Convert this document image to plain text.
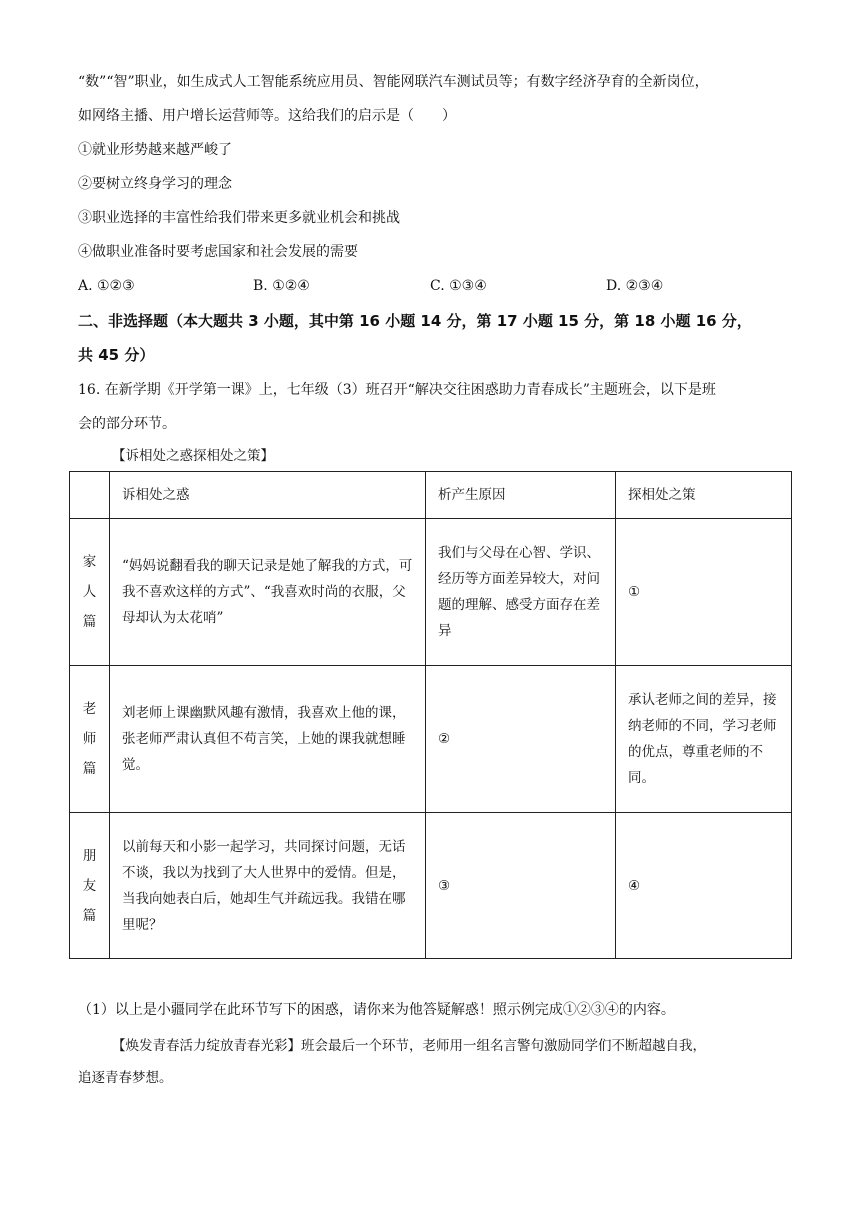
“数”“智”职业，如生成式人工智能系统应用员、智能网联汽车测试员等；有数字经济孕育的全新岗位，
如网络主播、用户增长运营师等。这给我们的启示是（　　）
①就业形势越来越严峻了
②要树立终身学习的理念
③职业选择的丰富性给我们带来更多就业机会和挑战
④做职业准备时要考虑国家和社会发展的需要
A. ①②③	B. ①②④	C. ①③④	D. ②③④
二、非选择题（本大题共 3 小题，其中第 16 小题 14 分，第 17 小题 15 分，第 18 小题 16 分，
共 45 分）
16. 在新学期《开学第一课》上，七年级（3）班召开“解决交往困惑助力青春成长”主题班会，以下是班
会的部分环节。
【诉相处之惑探相处之策】
	诉相处之惑	析产生原因	探相处之策

家
人
篇	“妈妈说翻看我的聊天记录是她了解我的方式，可我不喜欢这样的方式”、“我喜欢时尚的衣服，父母却认为太花哨”	我们与父母在心智、学识、经历等方面差异较大，对问题的理解、感受方面存在差异	①

老
师
篇	刘老师上课幽默风趣有激情，我喜欢上他的课，张老师严肃认真但不苟言笑，上她的课我就想睡觉。	②	承认老师之间的差异，接纳老师的不同，学习老师的优点，尊重老师的不同。

朋
友
篇	以前每天和小影一起学习，共同探讨问题，无话不谈，我以为找到了大人世界中的爱情。但是，当我向她表白后，她却生气并疏远我。我错在哪里呢？	③	④
（1）以上是小疆同学在此环节写下的困惑，请你来为他答疑解惑！照示例完成①②③④的内容。
【焕发青春活力绽放青春光彩】班会最后一个环节，老师用一组名言警句激励同学们不断超越自我，
追逐青春梦想。
